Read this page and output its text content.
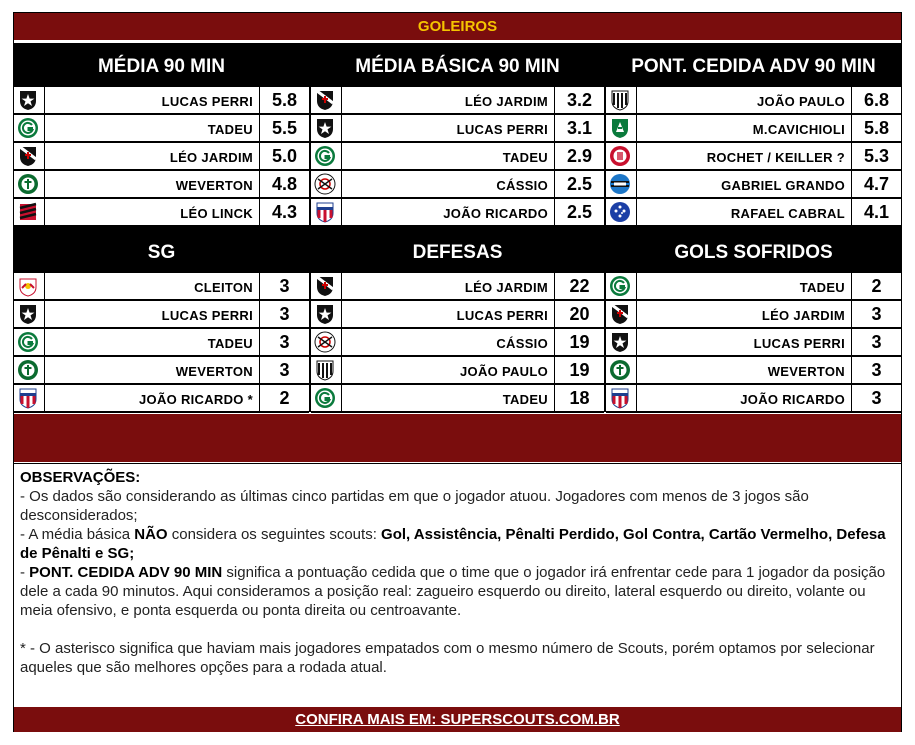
GOLEIROS
MÉDIA 90 MIN
LUCAS PERRI	5.8
TADEU	5.5
LÉO JARDIM	5.0
WEVERTON	4.8
LÉO LINCK	4.3
MÉDIA BÁSICA 90 MIN
LÉO JARDIM	3.2
LUCAS PERRI	3.1
TADEU	2.9
CÁSSIO	2.5
JOÃO RICARDO	2.5
PONT. CEDIDA ADV 90 MIN
JOÃO PAULO	6.8
M.CAVICHIOLI	5.8
ROCHET / KEILLER ?	5.3
GABRIEL GRANDO	4.7
RAFAEL CABRAL	4.1
SG
CLEITON	3
LUCAS PERRI	3
TADEU	3
WEVERTON	3
JOÃO RICARDO *	2
DEFESAS
LÉO JARDIM	22
LUCAS PERRI	20
CÁSSIO	19
JOÃO PAULO	19
TADEU	18
GOLS SOFRIDOS
TADEU	2
LÉO JARDIM	3
LUCAS PERRI	3
WEVERTON	3
JOÃO RICARDO	3

OBSERVAÇÕES:

- Os dados são considerando as últimas cinco partidas em que o jogador atuou. Jogadores com menos de 3 jogos são desconsiderados;

- A média básica NÃO considera os seguintes scouts: Gol, Assistência, Pênalti Perdido, Gol Contra, Cartão Vermelho, Defesa de Pênalti e SG;

- PONT. CEDIDA ADV 90 MIN significa a pontuação cedida que o time que o jogador irá enfrentar cede para 1 jogador da posição dele a cada 90 minutos. Aqui consideramos a posição real: zagueiro esquerdo ou direito, lateral esquerdo ou direito, volante ou meia ofensivo, e ponta esquerda ou ponta direita ou centroavante.

* - O asterisco significa que haviam mais jogadores empatados com o mesmo número de Scouts, porém optamos por selecionar aqueles que são melhores opções para a rodada atual.

CONFIRA MAIS EM: SUPERSCOUTS.COM.BR
